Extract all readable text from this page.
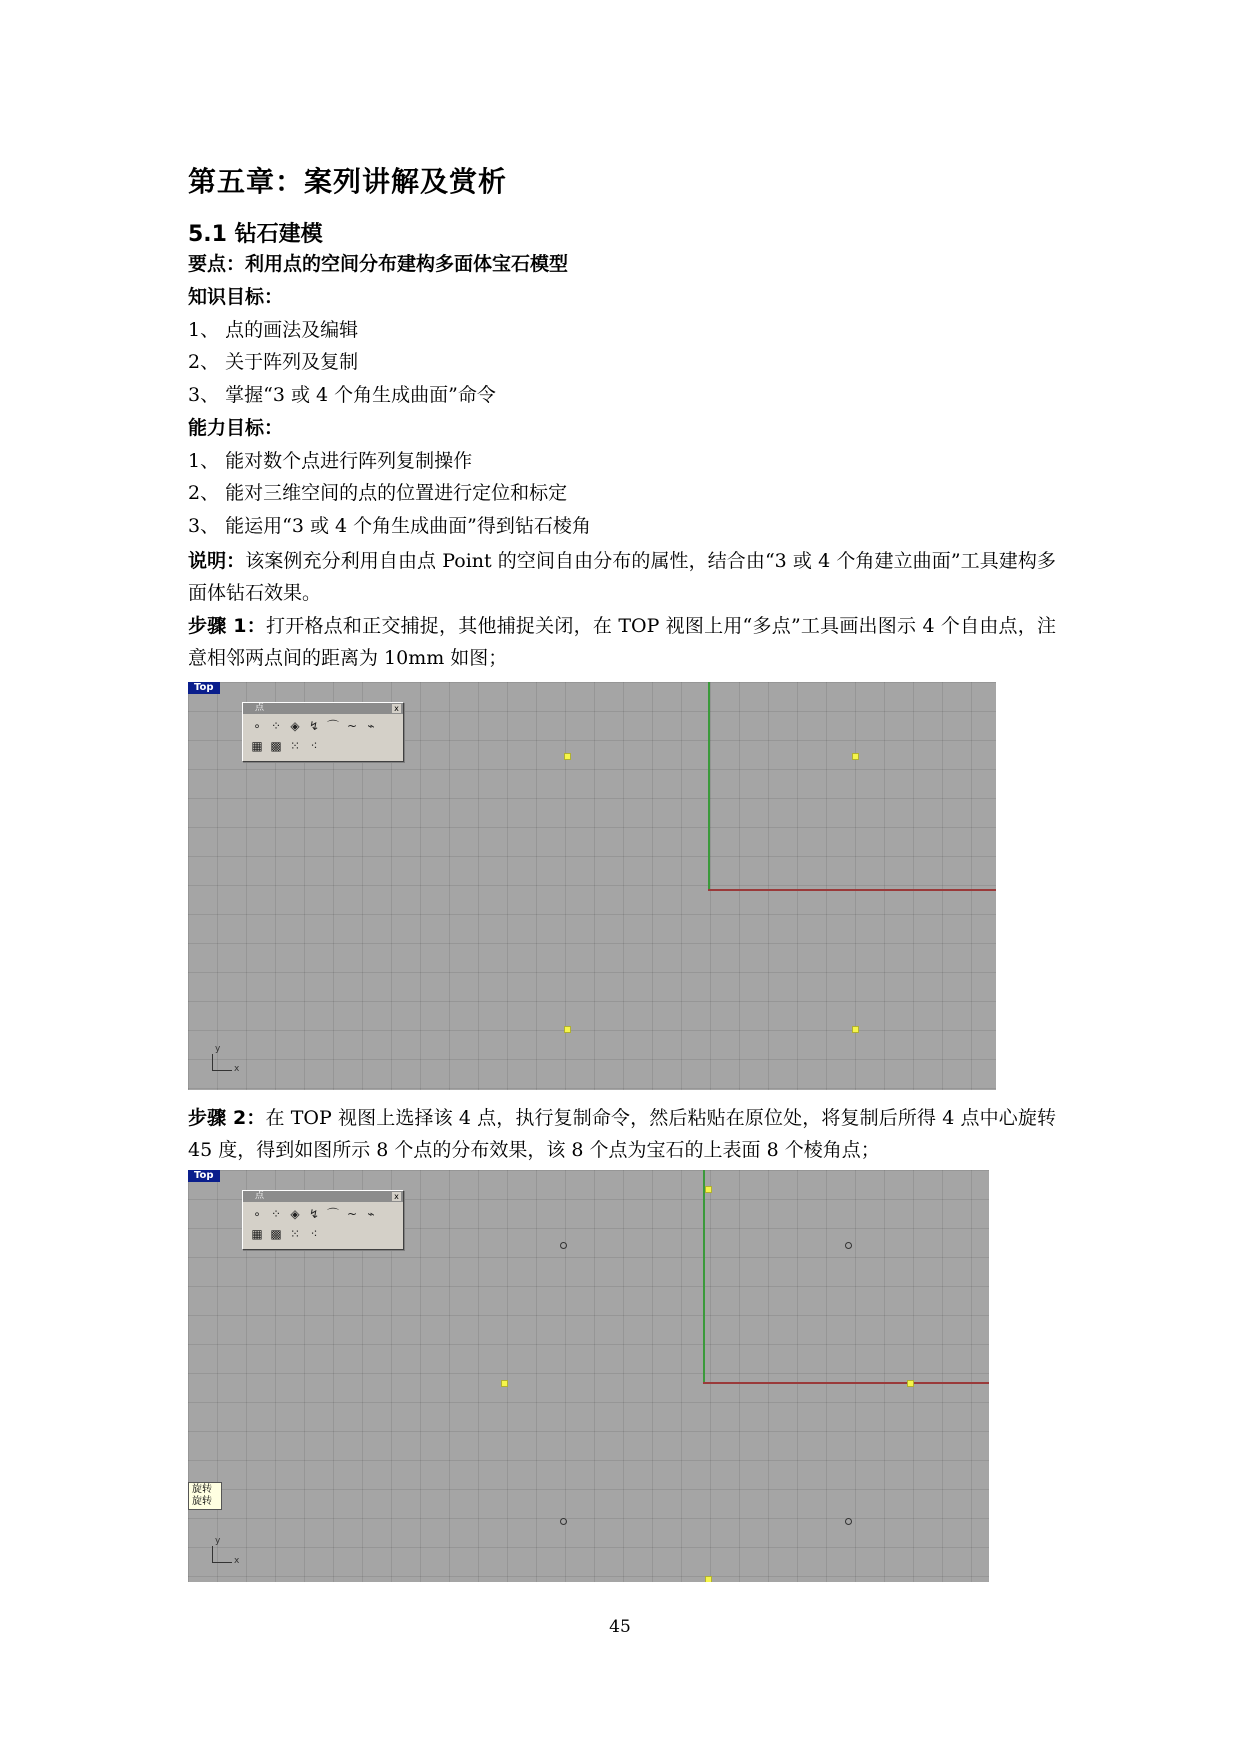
第五章：案列讲解及赏析
5.1 钻石建模
要点：利用点的空间分布建构多面体宝石模型
知识目标：
1、 点的画法及编辑
2、 关于阵列及复制
3、 掌握“3 或 4 个角生成曲面”命令
能力目标：
1、 能对数个点进行阵列复制操作
2、 能对三维空间的点的位置进行定位和标定
3、 能运用“3 或 4 个角生成曲面”得到钻石棱角
说明：该案例充分利用自由点 Point 的空间自由分布的属性，结合由“3 或 4 个角建立曲面”工具建构多面体钻石效果。
步骤 1：打开格点和正交捕捉，其他捕捉关闭，在 TOP 视图上用“多点”工具画出图示 4 个自由点，注意相邻两点间的距离为 10mm 如图；
Top
点	x
∘ ⁘ ◈ ↯ ⌒ ~ ⌁
▦ ▩ ⁙ ⁖
y
x
步骤 2：在 TOP 视图上选择该 4 点，执行复制命令，然后粘贴在原位处，将复制后所得 4 点中心旋转 45 度，得到如图所示 8 个点的分布效果，该 8 个点为宝石的上表面 8 个棱角点；
Top
点	x
∘ ⁘ ◈ ↯ ⌒ ~ ⌁
▦ ▩ ⁙ ⁖
旋转
旋转
y
x
45
